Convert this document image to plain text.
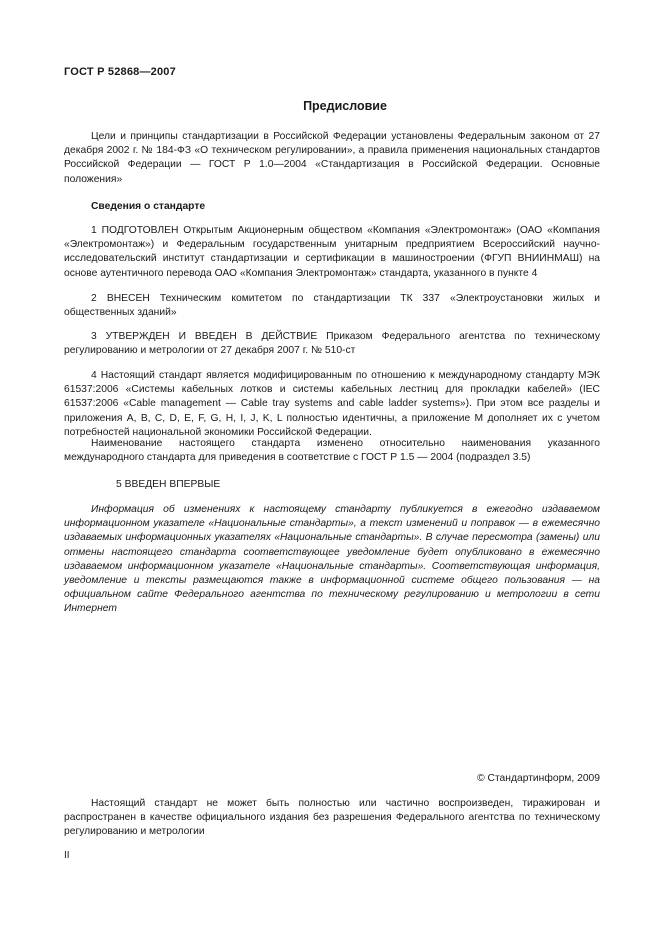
ГОСТ Р 52868—2007
Предисловие

Цели и принципы стандартизации в Российской Федерации установлены Федеральным законом от 27 декабря 2002 г. № 184-ФЗ «О техническом регулировании», а правила применения национальных стандартов Российской Федерации — ГОСТ Р 1.0—2004 «Стандартизация в Российской Федерации. Основные положения»

Сведения о стандарте

1 ПОДГОТОВЛЕН Открытым Акционерным обществом «Компания «Электромонтаж» (ОАО «Компания «Электромонтаж») и Федеральным государственным унитарным предприятием Всероссийский научно-исследовательский институт стандартизации и сертификации в машиностроении (ФГУП ВНИИНМАШ) на основе аутентичного перевода ОАО «Компания Электромонтаж» стандарта, указанного в пункте 4

2 ВНЕСЕН Техническим комитетом по стандартизации ТК 337 «Электроустановки жилых и общественных зданий»

3 УТВЕРЖДЕН И ВВЕДЕН В ДЕЙСТВИЕ Приказом Федерального агентства по техническому регулированию и метрологии от 27 декабря 2007 г. № 510-ст

4 Настоящий стандарт является модифицированным по отношению к международному стандарту МЭК 61537:2006 «Системы кабельных лотков и системы кабельных лестниц для прокладки кабелей» (IEC 61537:2006 «Cable management — Cable tray systems and cable ladder systems»). При этом все разделы и приложения A, B, C, D, E, F, G, H, I, J, K, L полностью идентичны, а приложение M дополняет их с учетом потребностей национальной экономики Российской Федерации.

Наименование настоящего стандарта изменено относительно наименования указанного международного стандарта для приведения в соответствие с ГОСТ Р 1.5 — 2004 (подраздел 3.5)

5 ВВЕДЕН ВПЕРВЫЕ

Информация об изменениях к настоящему стандарту публикуется в ежегодно издаваемом информационном указателе «Национальные стандарты», а текст изменений и поправок — в ежемесячно издаваемых информационных указателях «Национальные стандарты». В случае пересмотра (замены) или отмены настоящего стандарта соответствующее уведомление будет опубликовано в ежемесячно издаваемом информационном указателе «Национальные стандарты». Соответствующая информация, уведомление и тексты размещаются также в информационной системе общего пользования — на официальном сайте Федерального агентства по техническому регулированию и метрологии в сети Интернет

© Стандартинформ, 2009

Настоящий стандарт не может быть полностью или частично воспроизведен, тиражирован и распространен в качестве официального издания без разрешения Федерального агентства по техническому регулированию и метрологии

II
